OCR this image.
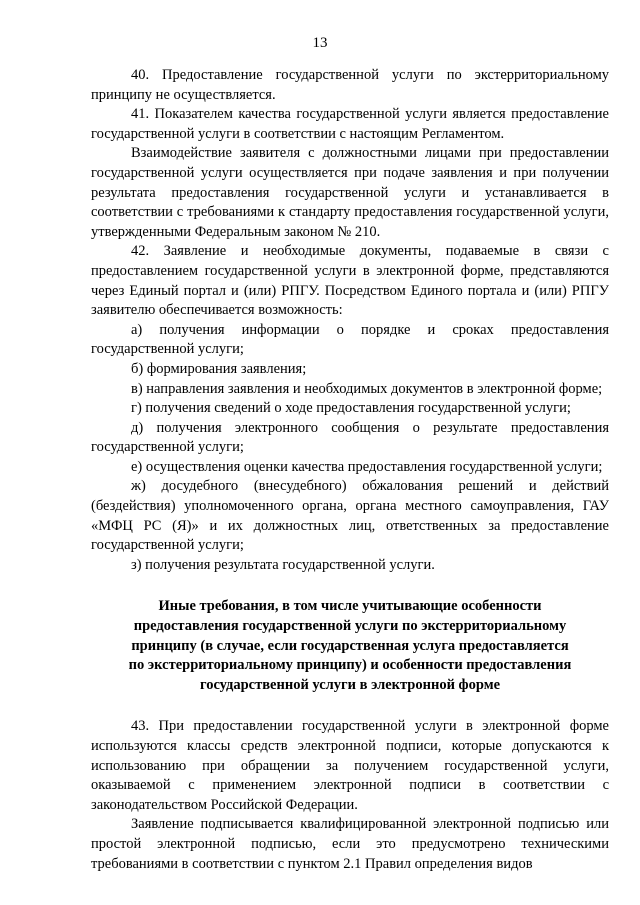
13

40. Предоставление государственной услуги по экстерриториальному принципу не осуществляется.

41. Показателем качества государственной услуги является предоставление государственной услуги в соответствии с настоящим Регламентом.

Взаимодействие заявителя с должностными лицами при предоставлении государственной услуги осуществляется при подаче заявления и при получении результата предоставления государственной услуги и устанавливается в соответствии с требованиями к стандарту предоставления государственной услуги, утвержденными Федеральным законом № 210.

42. Заявление и необходимые документы, подаваемые в связи с предоставлением государственной услуги в электронной форме, представляются через Единый портал и (или) РПГУ. Посредством Единого портала и (или) РПГУ заявителю обеспечивается возможность:

а) получения информации о порядке и сроках предоставления государственной услуги;

б) формирования заявления;

в) направления заявления и необходимых документов в электронной форме;

г) получения сведений о ходе предоставления государственной услуги;

д) получения электронного сообщения о результате предоставления государственной услуги;

е) осуществления оценки качества предоставления государственной услуги;

ж) досудебного (внесудебного) обжалования решений и действий (бездействия) уполномоченного органа, органа местного самоуправления, ГАУ «МФЦ РС (Я)» и их должностных лиц, ответственных за предоставление государственной услуги;

з) получения результата государственной услуги.

Иные требования, в том числе учитывающие особенности
предоставления государственной услуги по экстерриториальному
принципу (в случае, если государственная услуга предоставляется
по экстерриториальному принципу) и особенности предоставления
государственной услуги в электронной форме

43. При предоставлении государственной услуги в электронной форме используются классы средств электронной подписи, которые допускаются к использованию при обращении за получением государственной услуги, оказываемой с применением электронной подписи в соответствии с законодательством Российской Федерации.

Заявление подписывается квалифицированной электронной подписью или простой электронной подписью, если это предусмотрено техническими требованиями в соответствии с пунктом 2.1 Правил определения видов
